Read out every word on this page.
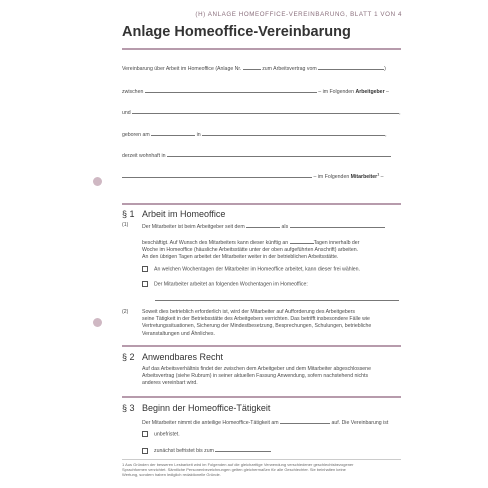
(H) ANLAGE HOMEOFFICE-VEREINBARUNG, BLATT 1 VON 4
Anlage Homeoffice-Vereinbarung
Vereinbarung über Arbeit im Homeoffice (Anlage Nr.	zum Arbeitsvertrag vom	)
zwischen	– im Folgenden Arbeitgeber –
und	,
geboren am	in	,
derzeit wohnhaft in
– im Folgenden Mitarbeiter$^1$ –
§ 1 Arbeit im Homeoffice
(1)	Der Mitarbeiter ist beim Arbeitgeber seit dem	als
beschäftigt. Auf Wunsch des Mitarbeiters kann dieser künftig an	Tagen innerhalb der
Woche im Homeoffice (häusliche Arbeitsstätte unter der oben aufgeführten Anschrift) arbeiten.
An den übrigen Tagen arbeitet der Mitarbeiter weiter in der betrieblichen Arbeitsstätte.
An welchen Wochentagen der Mitarbeiter im Homeoffice arbeitet, kann dieser frei wählen.
Der Mitarbeiter arbeitet an folgenden Wochentagen im Homeoffice:
(2)	Soweit dies betrieblich erforderlich ist, wird der Mitarbeiter auf Aufforderung des Arbeitgebers
seine Tätigkeit in der Betriebsstätte des Arbeitgebers verrichten. Das betrifft insbesondere Fälle wie
Vertretungssituationen, Sicherung der Mindestbesetzung, Besprechungen, Schulungen, betriebliche
Veranstaltungen und Ähnliches.
§ 2 Anwendbares Recht
Auf das Arbeitsverhältnis findet der zwischen dem Arbeitgeber und dem Mitarbeiter abgeschlossene
Arbeitsvertrag (siehe Rubrum) in seiner aktuellen Fassung Anwendung, sofern nachstehend nichts
anderes vereinbart wird.
§ 3 Beginn der Homeoffice-Tätigkeit
Der Mitarbeiter nimmt die anteilige Homeoffice-Tätigkeit am	auf. Die Vereinbarung ist
unbefristet.
zunächst befristet bis zum
1 Aus Gründen der besseren Lesbarkeit wird im Folgenden auf die gleichzeitige Verwendung verschiedener geschlechtsbezogener
Sprachformen verzichtet. Sämtliche Personenbezeichnungen gelten gleichermaßen für alle Geschlechter. Sie beinhalten keine
Wertung, sondern haben lediglich redaktionelle Gründe.
